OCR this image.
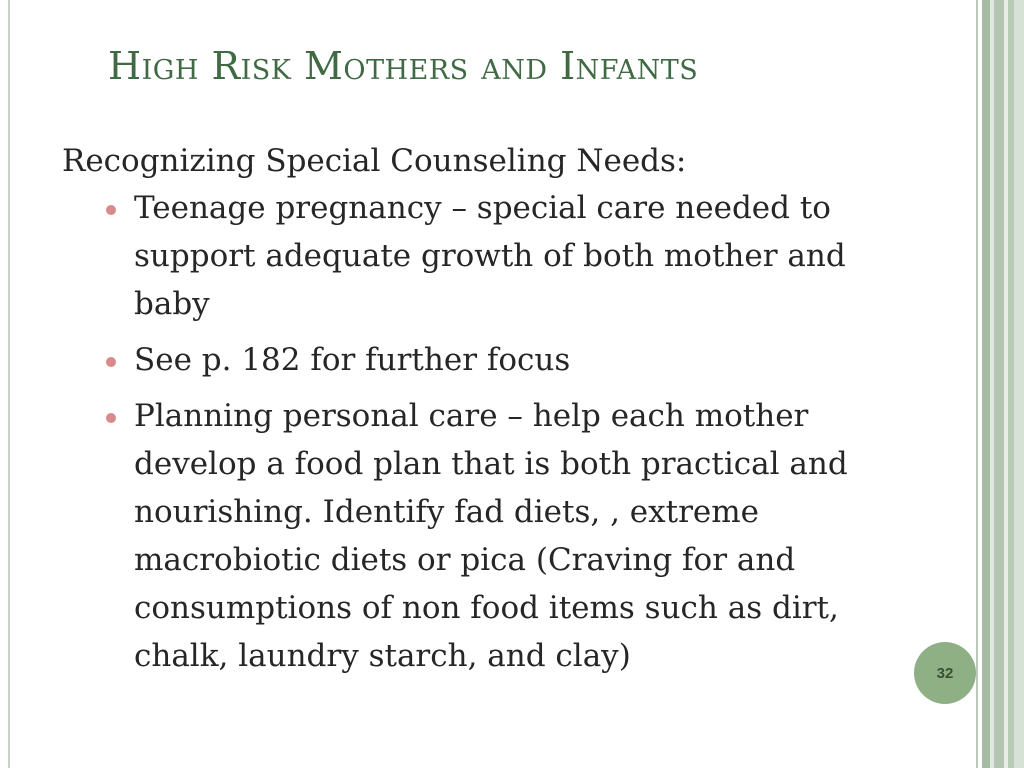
High Risk Mothers and Infants

Recognizing Special Counseling Needs:

Teenage pregnancy – special care needed to support adequate growth of both mother and baby
See p. 182 for further focus
Planning personal care – help each mother develop a food plan that is both practical and nourishing. Identify fad diets, , extreme macrobiotic diets or pica (Craving for and consumptions of non food items such as dirt, chalk, laundry starch, and clay)	32
